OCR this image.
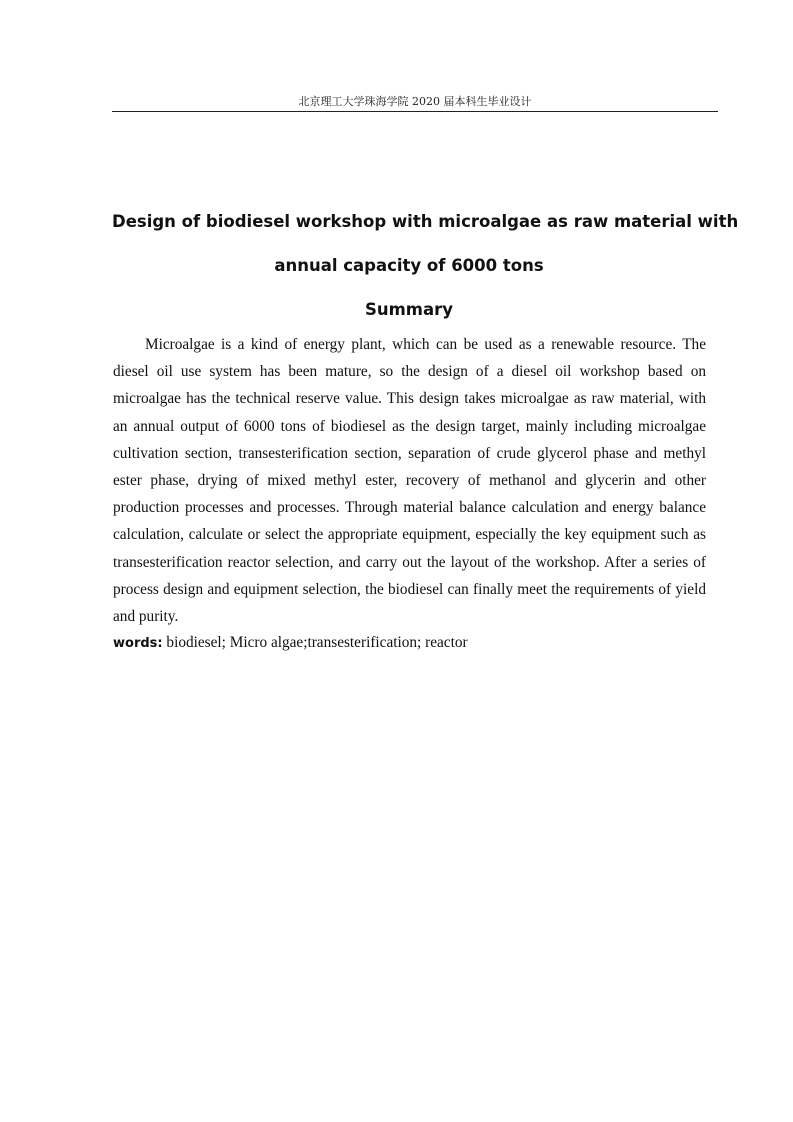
北京理工大学珠海学院 2020 届本科生毕业设计
Design of biodiesel workshop with microalgae as raw material with
annual capacity of 6000 tons
Summary

Microalgae is a kind of energy plant, which can be used as a renewable resource. The diesel oil use system has been mature, so the design of a diesel oil workshop based on microalgae has the technical reserve value. This design takes microalgae as raw material, with an annual output of 6000 tons of biodiesel as the design target, mainly including microalgae cultivation section, transesterification section, separation of crude glycerol phase and methyl ester phase, drying of mixed methyl ester, recovery of methanol and glycerin and other production processes and processes. Through material balance calculation and energy balance calculation, calculate or select the appropriate equipment, especially the key equipment such as transesterification reactor selection, and carry out the layout of the workshop. After a series of process design and equipment selection, the biodiesel can finally meet the requirements of yield and purity.

words: biodiesel; Micro algae;transesterification; reactor
